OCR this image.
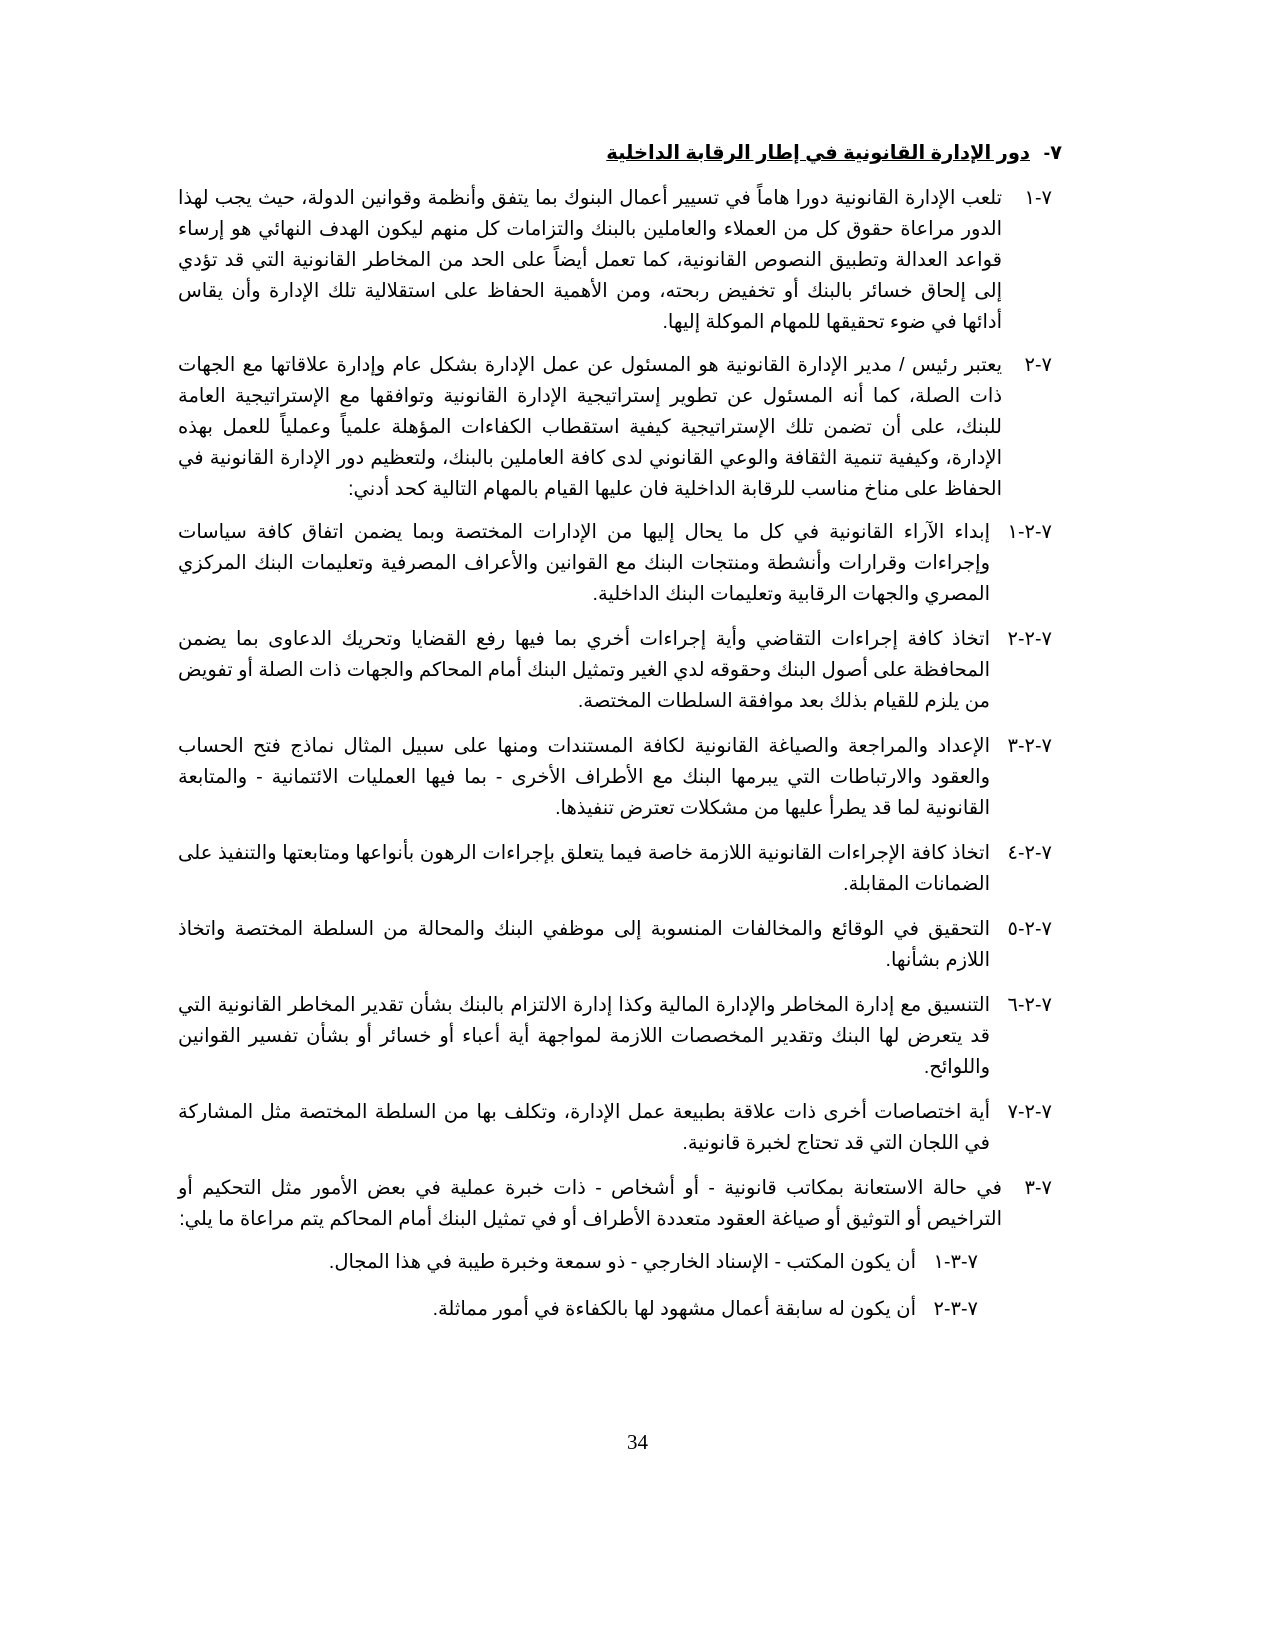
٧-
دور الإدارة القانونية في إطار الرقابة الداخلية
٧-١
تلعب الإدارة القانونية دورا هاماً في تسيير أعمال البنوك بما يتفق وأنظمة وقوانين الدولة، حيث يجب لهذا الدور مراعاة حقوق كل من العملاء والعاملين بالبنك والتزامات كل منهم ليكون الهدف النهائي هو إرساء قواعد العدالة وتطبيق النصوص القانونية، كما تعمل أيضاً على الحد من المخاطر القانونية التي قد تؤدي إلى إلحاق خسائر بالبنك أو تخفيض ربحته، ومن الأهمية الحفاظ على استقلالية تلك الإدارة وأن يقاس أدائها في ضوء تحقيقها للمهام الموكلة إليها.
٧-٢
يعتبر رئيس / مدير الإدارة القانونية هو المسئول عن عمل الإدارة بشكل عام وإدارة علاقاتها مع الجهات ذات الصلة، كما أنه المسئول عن تطوير إستراتيجية الإدارة القانونية وتوافقها مع الإستراتيجية العامة للبنك، على أن تضمن تلك الإستراتيجية كيفية استقطاب الكفاءات المؤهلة علمياً وعملياً للعمل بهذه الإدارة، وكيفية تنمية الثقافة والوعي القانوني لدى كافة العاملين بالبنك، ولتعظيم دور الإدارة القانونية في الحفاظ على مناخ مناسب للرقابة الداخلية فان عليها القيام بالمهام التالية كحد أدني:
٧-٢-١
إبداء الآراء القانونية في كل ما يحال إليها من الإدارات المختصة وبما يضمن اتفاق كافة سياسات وإجراءات وقرارات وأنشطة ومنتجات البنك مع القوانين والأعراف المصرفية وتعليمات البنك المركزي المصري والجهات الرقابية وتعليمات البنك الداخلية.
٧-٢-٢
اتخاذ كافة إجراءات التقاضي وأية إجراءات أخري بما فيها رفع القضايا وتحريك الدعاوى بما يضمن المحافظة على أصول البنك وحقوقه لدي الغير وتمثيل البنك أمام المحاكم والجهات ذات الصلة أو تفويض من يلزم للقيام بذلك بعد موافقة السلطات المختصة.
٧-٢-٣
الإعداد والمراجعة والصياغة القانونية لكافة المستندات ومنها على سبيل المثال نماذج فتح الحساب والعقود والارتباطات التي يبرمها البنك مع الأطراف الأخرى - بما فيها العمليات الائتمانية - والمتابعة القانونية لما قد يطرأ عليها من مشكلات تعترض تنفيذها.
٧-٢-٤
اتخاذ كافة الإجراءات القانونية اللازمة خاصة فيما يتعلق بإجراءات الرهون بأنواعها ومتابعتها والتنفيذ على الضمانات المقابلة.
٧-٢-٥
التحقيق في الوقائع والمخالفات المنسوبة إلى موظفي البنك والمحالة من السلطة المختصة واتخاذ اللازم بشأنها.
٧-٢-٦
التنسيق مع إدارة المخاطر والإدارة المالية وكذا إدارة الالتزام بالبنك بشأن تقدير المخاطر القانونية التي قد يتعرض لها البنك وتقدير المخصصات اللازمة لمواجهة أية أعباء أو خسائر أو بشأن تفسير القوانين واللوائح.
٧-٢-٧
أية اختصاصات أخرى ذات علاقة بطبيعة عمل الإدارة، وتكلف بها من السلطة المختصة مثل المشاركة في اللجان التي قد تحتاج لخبرة قانونية.
٧-٣
في حالة الاستعانة بمكاتب قانونية - أو أشخاص - ذات خبرة عملية في بعض الأمور مثل التحكيم أو التراخيص أو التوثيق أو صياغة العقود متعددة الأطراف أو في تمثيل البنك أمام المحاكم يتم مراعاة ما يلي:
٧-٣-١
أن يكون المكتب - الإسناد الخارجي - ذو سمعة وخبرة طيبة في هذا المجال.
٧-٣-٢
أن يكون له سابقة أعمال مشهود لها بالكفاءة في أمور مماثلة.
34
